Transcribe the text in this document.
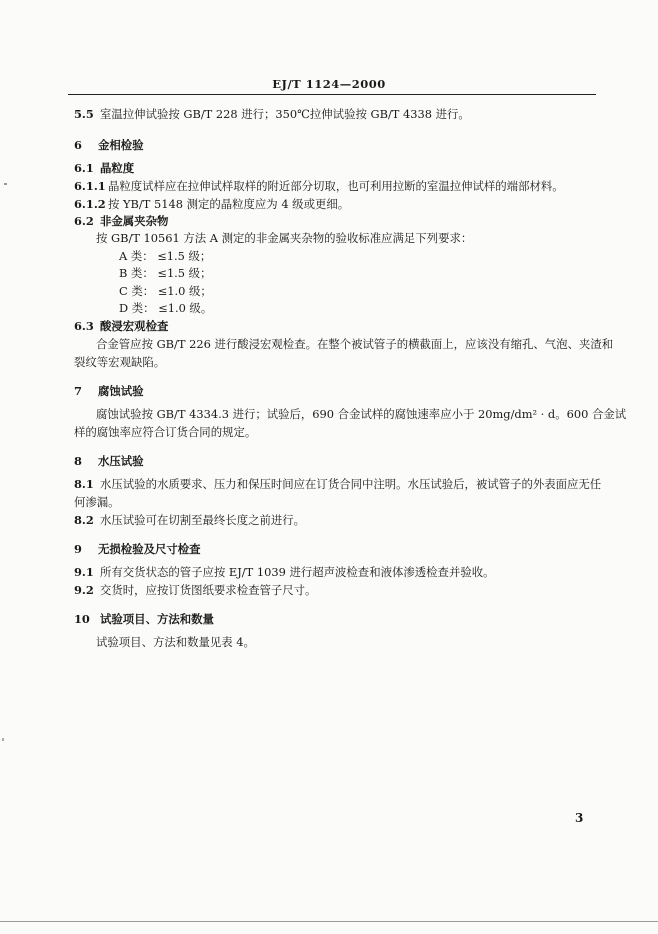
EJ/T 1124—2000
5.5 室温拉伸试验按 GB/T 228 进行；350℃拉伸试验按 GB/T 4338 进行。
6 金相检验
6.1 晶粒度
6.1.1 晶粒度试样应在拉伸试样取样的附近部分切取，也可利用拉断的室温拉伸试样的端部材料。
6.1.2 按 YB/T 5148 测定的晶粒度应为 4 级或更细。
6.2 非金属夹杂物
按 GB/T 10561 方法 A 测定的非金属夹杂物的验收标准应满足下列要求：
A 类： ≤1.5 级；
B 类： ≤1.5 级；
C 类： ≤1.0 级；
D 类： ≤1.0 级。
6.3 酸浸宏观检查
合金管应按 GB/T 226 进行酸浸宏观检查。在整个被试管子的横截面上，应该没有缩孔、气泡、夹渣和
裂纹等宏观缺陷。
7 腐蚀试验
腐蚀试验按 GB/T 4334.3 进行；试验后，690 合金试样的腐蚀速率应小于 20mg/dm² · d。600 合金试
样的腐蚀率应符合订货合同的规定。
8 水压试验
8.1 水压试验的水质要求、压力和保压时间应在订货合同中注明。水压试验后，被试管子的外表面应无任
何渗漏。
8.2 水压试验可在切割至最终长度之前进行。
9 无损检验及尺寸检查
9.1 所有交货状态的管子应按 EJ/T 1039 进行超声波检查和液体渗透检查并验收。
9.2 交货时，应按订货图纸要求检查管子尺寸。
10 试验项目、方法和数量
试验项目、方法和数量见表 4。
3
